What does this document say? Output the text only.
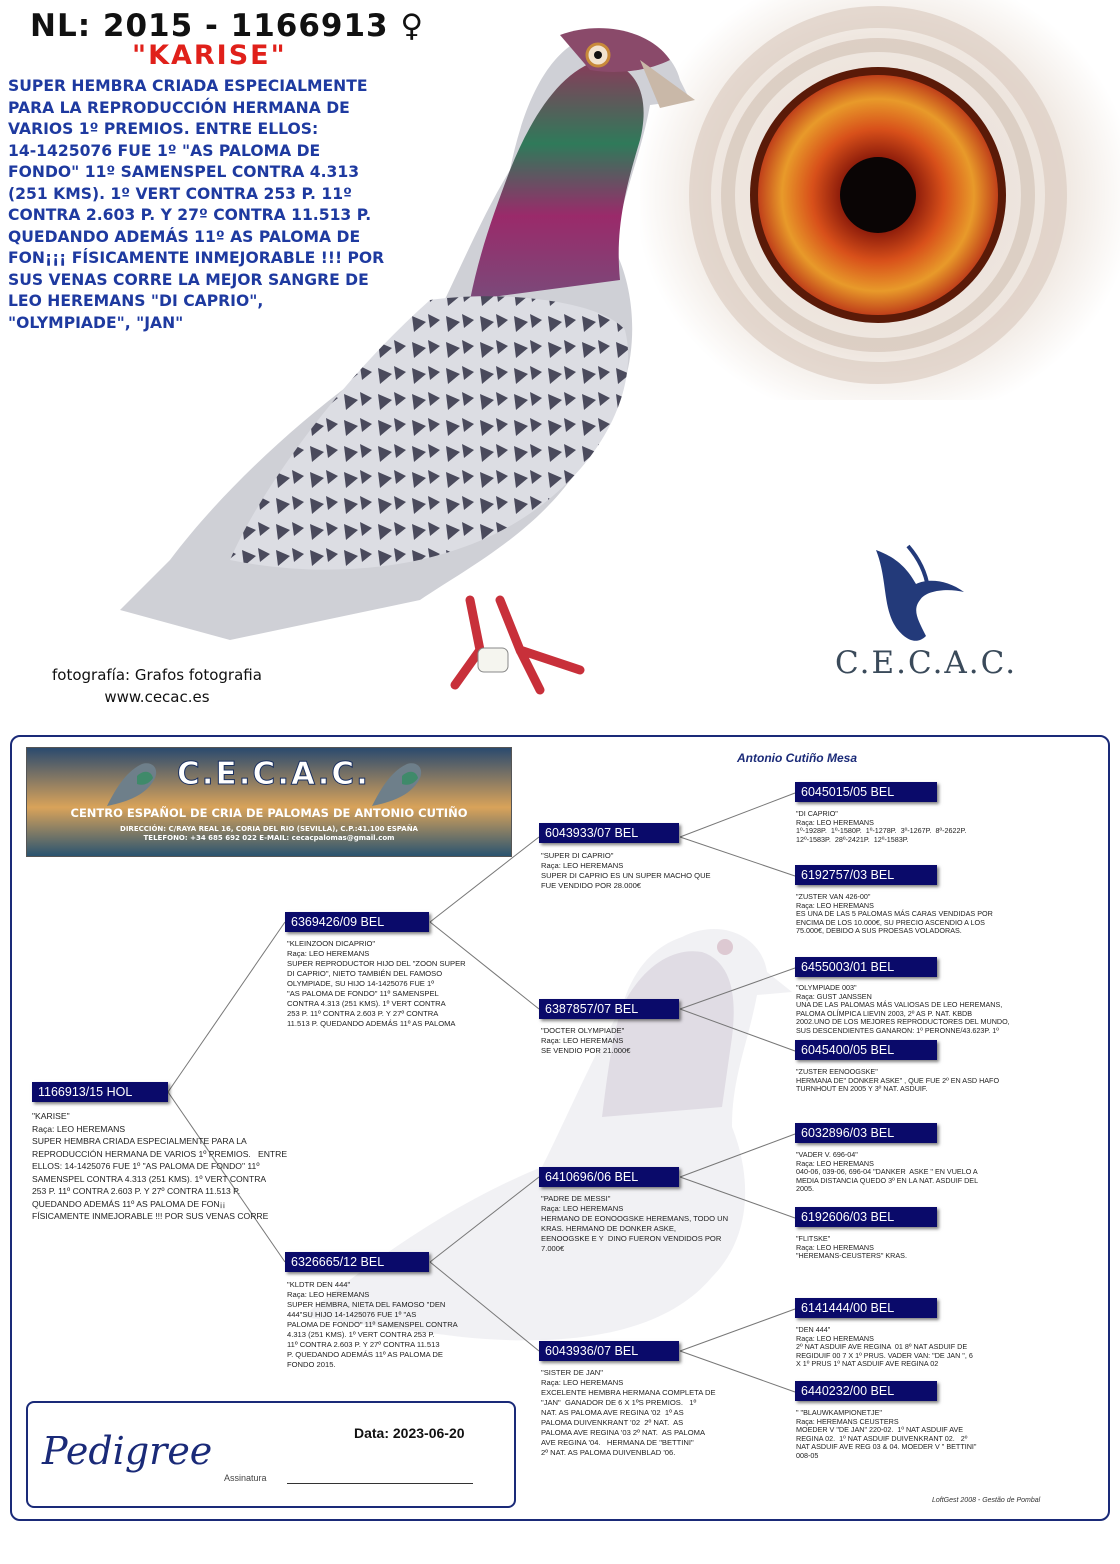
NL: 2015 - 1166913 ♀
"KARISE"
SUPER HEMBRA CRIADA ESPECIALMENTE
PARA LA REPRODUCCIÓN HERMANA DE
VARIOS 1º PREMIOS. ENTRE ELLOS:
14-1425076 FUE 1º "AS PALOMA DE
FONDO" 11º SAMENSPEL CONTRA 4.313
(251 KMS). 1º VERT CONTRA 253 P. 11º
CONTRA 2.603 P. Y 27º CONTRA 11.513 P.
QUEDANDO ADEMÁS 11º AS PALOMA DE
FON¡¡¡ FÍSICAMENTE INMEJORABLE !!! POR
SUS VENAS CORRE LA MEJOR SANGRE DE
LEO HEREMANS "DI CAPRIO",
"OLYMPIADE", "JAN"
fotografía: Grafos fotografia
www.cecac.es
C.E.C.A.C.
C.E.C.A.C.
CENTRO ESPAÑOL DE CRIA DE PALOMAS DE ANTONIO CUTIÑO
DIRECCIÓN: C/RAYA REAL 16, CORIA DEL RIO (SEVILLA), C.P.:41.100 ESPAÑA
TELEFONO: +34 685 692 022 E-MAIL: cecacpalomas@gmail.com
Antonio Cutiño Mesa
1166913/15 HOL
"KARISE"
Raça: LEO HEREMANS
SUPER HEMBRA CRIADA ESPECIALMENTE PARA LA
REPRODUCCIÓN HERMANA DE VARIOS 1º PREMIOS.   ENTRE
ELLOS: 14-1425076 FUE 1º "AS PALOMA DE FONDO" 11º
SAMENSPEL CONTRA 4.313 (251 KMS). 1º VERT CONTRA
253 P. 11º CONTRA 2.603 P. Y 27º CONTRA 11.513 P.
QUEDANDO ADEMÁS 11º AS PALOMA DE FON¡¡
FÍSICAMENTE INMEJORABLE !!! POR SUS VENAS CORRE
6369426/09 BEL
"KLEINZOON DICAPRIO"
Raça: LEO HEREMANS
SUPER REPRODUCTOR HIJO DEL "ZOON SUPER
DI CAPRIO", NIETO TAMBIÉN DEL FAMOSO
OLYMPIADE, SU HIJO 14-1425076 FUE 1º
"AS PALOMA DE FONDO" 11º SAMENSPEL
CONTRA 4.313 (251 KMS). 1º VERT CONTRA
253 P. 11º CONTRA 2.603 P. Y 27º CONTRA
11.513 P. QUEDANDO ADEMÁS 11º AS PALOMA
6326665/12 BEL
"KLDTR DEN 444"
Raça: LEO HEREMANS
SUPER HEMBRA, NIETA DEL FAMOSO "DEN
444"SU HIJO 14-1425076 FUE 1º "AS
PALOMA DE FONDO" 11º SAMENSPEL CONTRA
4.313 (251 KMS). 1º VERT CONTRA 253 P.
11º CONTRA 2.603 P. Y 27º CONTRA 11.513
P. QUEDANDO ADEMÁS 11º AS PALOMA DE
FONDO 2015.
6043933/07 BEL
"SUPER DI CAPRIO"
Raça: LEO HEREMANS
SUPER DI CAPRIO ES UN SUPER MACHO QUE
FUE VENDIDO POR 28.000€
6387857/07 BEL
"DOCTER OLYMPIADE"
Raça: LEO HEREMANS
SE VENDIO POR 21.000€
6410696/06 BEL
"PADRE DE MESSI"
Raça: LEO HEREMANS
HERMANO DE EONOOGSKE HEREMANS, TODO UN
KRAS. HERMANO DE DONKER ASKE,
EENOOGSKE E Y  DINO FUERON VENDIDOS POR
7.000€
6043936/07 BEL
"SISTER DE JAN"
Raça: LEO HEREMANS
EXCELENTE HEMBRA HERMANA COMPLETA DE
"JAN"  GANADOR DE 6 X 1ºS PREMIOS.   1º
NAT. AS PALOMA AVE REGINA '02  1º AS
PALOMA DUIVENKRANT '02  2º NAT.  AS
PALOMA AVE REGINA '03 2º NAT.  AS PALOMA
AVE REGINA '04.   HERMANA DE "BETTINI"
2º NAT. AS PALOMA DUIVENBLAD '06.
6045015/05 BEL
"DI CAPRIO"
Raça: LEO HEREMANS
1º-1928P.  1º-1580P.  1º-1278P.  3º-1267P.  8º-2622P.
12º-1583P.  28º-2421P.  12º-1583P.
6192757/03 BEL
"ZUSTER VAN 426-00"
Raça: LEO HEREMANS
ES UNA DE LAS 5 PALOMAS MÁS CARAS VENDIDAS POR
ENCIMA DE LOS 10.000€, SU PRECIO ASCENDIO A LOS
75.000€, DEBIDO A SUS PROESAS VOLADORAS.
6455003/01 BEL
"OLYMPIADE 003"
Raça: GUST JANSSEN
UNA DE LAS PALOMAS MÁS VALIOSAS DE LEO HEREMANS,
PALOMA OLÍMPICA LIEVIN 2003, 2º AS P. NAT. KBDB
2002.UNO DE LOS MEJORES REPRODUCTORES DEL MUNDO,
SUS DESCENDIENTES GANARON: 1º PERONNE/43.623P. 1º
6045400/05 BEL
"ZUSTER EENOOGSKE"
HERMANA DE" DONKER ASKE" , QUE FUE 2º EN ASD HAFO
TURNHOUT EN 2005 Y 3º NAT. ASDUIF.
6032896/03 BEL
"VADER V. 696-04"
Raça: LEO HEREMANS
040-06, 039-06, 696-04 "DANKER  ASKE " EN VUELO A
MEDIA DISTANCIA QUEDO 3º EN LA NAT. ASDUIF DEL
2005.
6192606/03 BEL
"FLITSKE"
Raça: LEO HEREMANS
"HEREMANS-CEUSTERS" KRAS.
6141444/00 BEL
"DEN 444"
Raça: LEO HEREMANS
2º NAT ASDUIF AVE REGINA  01 8º NAT ASDUIF DE
REGIDUIF 00 7 X 1º PRUS. VADER VAN: "DE JAN ", 6
X 1º PRUS 1º NAT ASDUIF AVE REGINA 02
6440232/00 BEL
" "BLAUWKAMPIONETJE"
Raça: HEREMANS CEUSTERS
MOEDER V "DE JAN" 220-02.  1º NAT ASDUIF AVE
REGINA 02.  1º NAT ASDUIF DUIVENKRANT 02.   2º
NAT ASDUIF AVE REG 03 & 04. MOEDER V " BETTINI"
008-05
Pedigree	Data: 2023-06-20
Assinatura
LoftGest 2008 - Gestão de Pombal
